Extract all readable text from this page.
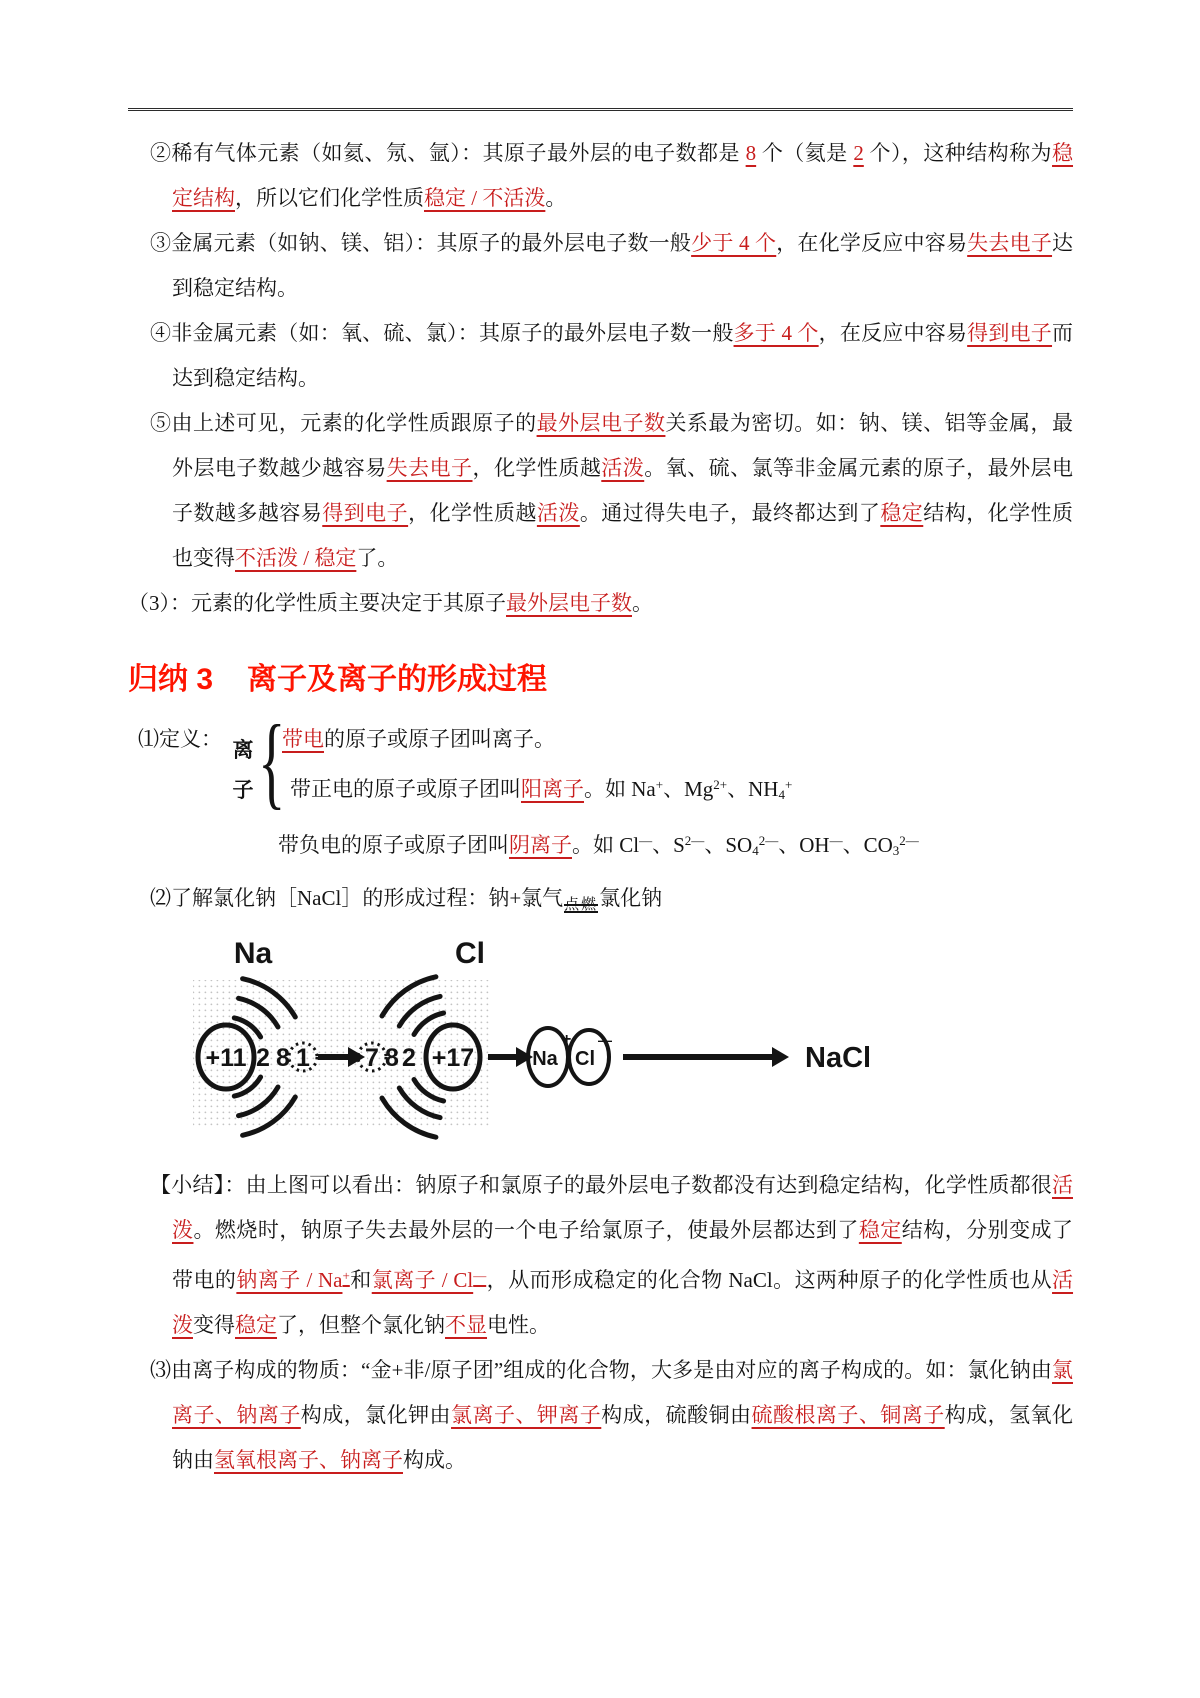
②稀有气体元素（如氦、氖、氩）：其原子最外层的电子数都是 8 个（氦是 2 个），这种结构称为稳定结构，所以它们化学性质稳定 / 不活泼。

③金属元素（如钠、镁、铝）：其原子的最外层电子数一般少于 4 个，在化学反应中容易失去电子达到稳定结构。

④非金属元素（如：氧、硫、氯）：其原子的最外层电子数一般多于 4 个，在反应中容易得到电子而达到稳定结构。

⑤由上述可见，元素的化学性质跟原子的最外层电子数关系最为密切。如：钠、镁、铝等金属，最外层电子数越少越容易失去电子，化学性质越活泼。氧、硫、氯等非金属元素的原子，最外层电子数越多越容易得到电子，化学性质越活泼。通过得失电子，最终都达到了稳定结构，化学性质也变得不活泼 / 稳定了。

（3）：元素的化学性质主要决定于其原子最外层电子数。

归纳 3 离子及离子的形成过程
⑴定义： 离子 {
带电的原子或原子团叫离子。
带正电的原子或原子团叫阳离子。如 Na+、$Mg^{2+}$、$NH_4^+$
带负电的原子或原子团叫阴离子。如 Cl—、$S^{2—}$、$SO_4^{2—}$、OH—、$CO_3^{2—}$
⑵了解氯化钠［NaCl］的形成过程：钠+氯气 点燃 氯化钠
Na	Cl
+11 2 8 1 7 8 2 +17	Na
+
Cl
—
NaCl

【小结】：由上图可以看出：钠原子和氯原子的最外层电子数都没有达到稳定结构，化学性质都很活泼。燃烧时，钠原子失去最外层的一个电子给氯原子，使最外层都达到了稳定结构，分别变成了带电的钠离子 / Na+和氯离子 / Cl—，从而形成稳定的化合物 NaCl。这两种原子的化学性质也从活泼变得稳定了，但整个氯化钠不显电性。

⑶由离子构成的物质：“金+非/原子团”组成的化合物，大多是由对应的离子构成的。如：氯化钠由氯离子、钠离子构成，氯化钾由氯离子、钾离子构成，硫酸铜由硫酸根离子、铜离子构成，氢氧化钠由氢氧根离子、钠离子构成。
